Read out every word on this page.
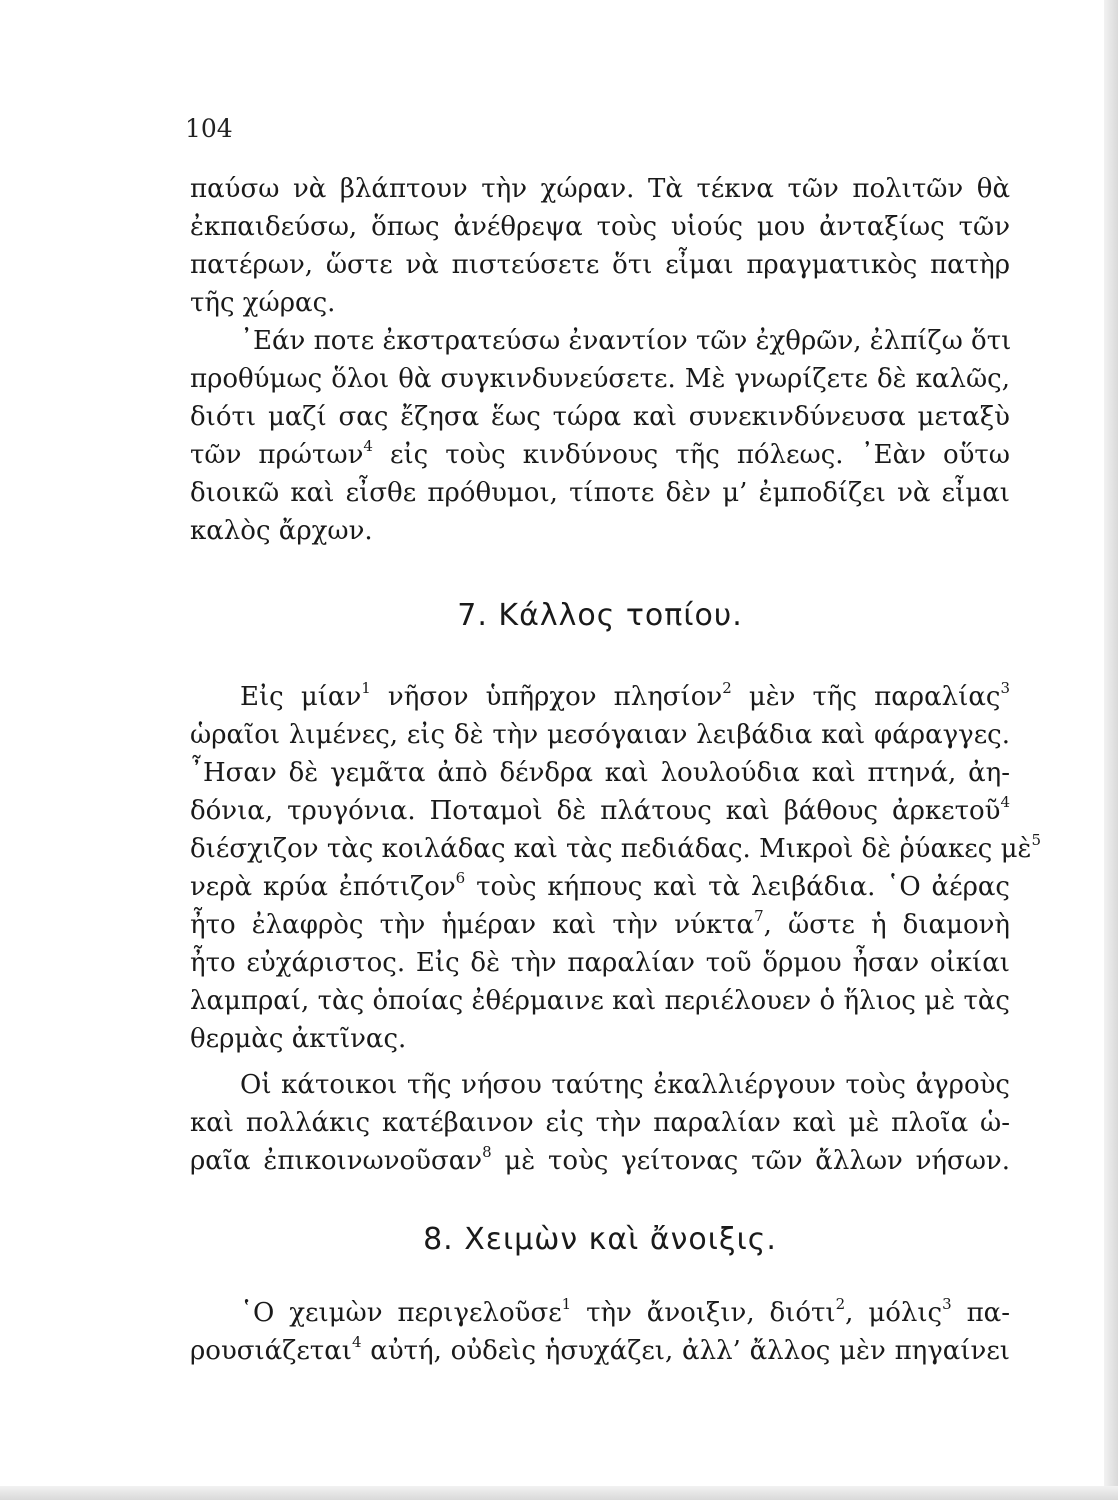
104
παύσω νὰ βλάπτουν τὴν χώραν. Τὰ τέκνα τῶν πολιτῶν θὰ
ἐκπαιδεύσω, ὅπως ἀνέθρεψα τοὺς υἱούς μου ἀνταξίως τῶν
πατέρων, ὥστε νὰ πιστεύσετε ὅτι εἶμαι πραγματικὸς πατὴρ
τῆς χώρας.
᾿Εάν ποτε ἐκστρατεύσω ἐναντίον τῶν ἐχθρῶν, ἐλπίζω ὅτι
προθύμως ὅλοι θὰ συγκινδυνεύσετε. Μὲ γνωρίζετε δὲ καλῶς,
διότι μαζί σας ἔζησα ἕως τώρα καὶ συνεκινδύνευσα μεταξὺ
τῶν πρώτων$^4$ εἰς τοὺς κινδύνους τῆς πόλεως. ᾿Εὰν οὕτω
διοικῶ καὶ εἶσθε πρόθυμοι, τίποτε δὲν μ’ ἐμποδίζει νὰ εἶμαι
καλὸς ἄρχων.
7. Κάλλος τοπίου.
Εἰς μίαν$^1$ νῆσον ὑπῆρχον πλησίον$^2$ μὲν τῆς παραλίας$^3$
ὡραῖοι λιμένες, εἰς δὲ τὴν μεσόγαιαν λειβάδια καὶ φάραγγες.
῏Ησαν δὲ γεμᾶτα ἀπὸ δένδρα καὶ λουλούδια καὶ πτηνά, ἀη-
δόνια, τρυγόνια. Ποταμοὶ δὲ πλάτους καὶ βάθους ἀρκετοῦ$^4$
διέσχιζον τὰς κοιλάδας καὶ τὰς πεδιάδας. Μικροὶ δὲ ῥύακες μὲ$^5$
νερὰ κρύα ἐπότιζον$^6$ τοὺς κήπους καὶ τὰ λειβάδια. ῾Ο ἀέρας
ἦτο ἐλαφρὸς τὴν ἡμέραν καὶ τὴν νύκτα$^7$, ὥστε ἡ διαμονὴ
ἦτο εὐχάριστος. Εἰς δὲ τὴν παραλίαν τοῦ ὅρμου ἦσαν οἰκίαι
λαμπραί, τὰς ὁποίας ἐθέρμαινε καὶ περιέλουεν ὁ ἥλιος μὲ τὰς
θερμὰς ἀκτῖνας.
Οἱ κάτοικοι τῆς νήσου ταύτης ἐκαλλιέργουν τοὺς ἀγροὺς
καὶ πολλάκις κατέβαινον εἰς τὴν παραλίαν καὶ μὲ πλοῖα ὡ-
ραῖα ἐπικοινωνοῦσαν$^8$ μὲ τοὺς γείτονας τῶν ἄλλων νήσων.
8. Χειμὼν καὶ ἄνοιξις.
῾Ο χειμὼν περιγελοῦσε$^1$ τὴν ἄνοιξιν, διότι$^2$, μόλις$^3$ πα-
ρουσιάζεται$^4$ αὐτή, οὐδεὶς ἡσυχάζει, ἀλλ’ ἄλλος μὲν πηγαίνει
